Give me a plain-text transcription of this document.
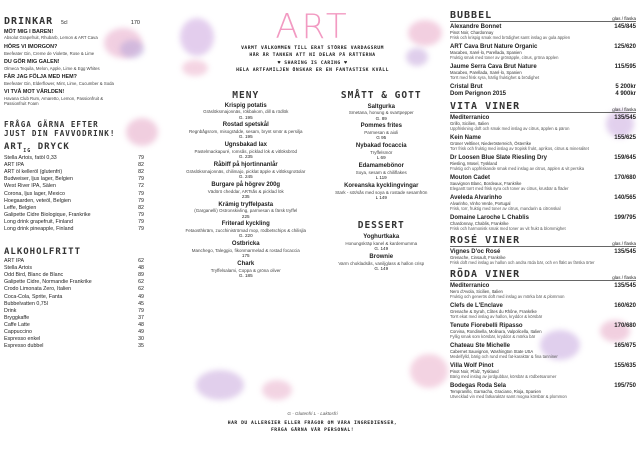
DRINKAR 5cl	170
MÖT MIG I BAREN!
Absolut Grapefruit, Rhubarb, Lemon & ART Cava
HÖRS VI IMORGON?
Beefeater Gin, Creme de Violette, Rose & Lime
DU GÖR MIG GALEN!
Olmeca Tequila, Melon, Apple, Lime & Egg Whites
FÅR JAG FÖLJA MED HEM?
Beefeater Gin, Elderflower, Mint, Lime, Cucumber & Soda
VI TVÅ MOT VÄRLDEN!
Havana Club Rum, Amaretto, Lemon, Passionfruit & Passionfruit Foam
FRÅGA GÄRNA EFTER
JUST DIN FAVVODRINK!
$ART_{IG}$ DRYCK
Stella Artois, fatöl 0,33	79
ART IPA	82
ART öl kelleröl (glutenfri)	82
Budweiser, ljus lager, Belgien	79
West River IPA, Sälen	72
Corona, ljus lager, Mexico	79
Hoegaarden, veteöl, Belgien	79
Leffe, Belgien	82
Galipette Cidre Biologique, Frankrike	79
Long drink grapefruit, Finland	79
Long drink pineapple, Finland	79
ALKOHOLFRITT
ART IPA	62
Stella Artois	48
Odd Bird, Blanc de Blanc	89
Galipette Cidre, Normandie Frankrike	62
Crodo Limonata Zero, Italien	62
Coca-Cola, Sprite, Fanta	49
Bubbelvatten 0,75l	45
Drink	79
Bryggkaffe	37
Caffe Latte	48
Cappuccino	49
Espresso enkel	30
Espresso dubbel	35
ART
VARMT VÄLKOMMEN TILL ERAT STÖRRE VARDAGSRUM
HÄR ÄR TANKEN ATT NI DELAR PÅ RÄTTERNA
♥ SHARING IS CARING ♥
HELA ARTFAMILJEN ÖNSKAR ER EN FANTASTISK KVÄLL
MENY
Krispig potatis
Gräslöksmajonnäs, rökbakom, dill & rödlök
G. 195
Rostad spetskål
Regnbågsrom, misogrädde, sesam, brynt smör & persilja
G. 195
Ugnsbakad lax
Pastelmackapuré, romsås, picklad lök & vitlöksbröd
G. 235
Råbiff på hjortinnanlår
Gräslöksmajonnäs, chilimajo, picklat äpple & vitlöksgrottolar
G. 245
Burgare på högrev 200g
Vädörö cheddar, ARTsås & picklad lök
235
Krämig tryffelpasta
(Garganelli) Ostronskivling, parmesan & färsk tryffel
225
Friterad kyckling
Fetaosthkräm, zucchiniströmad mop, rödbetschips & chilisjla
G. 220
Ostbricka
Manchego, Taleggio, fikonmarmelad & rostad focaccia
175
Chark
Tryffelsalami, Coppa & gröna oliver
G. 185
SMÅTT & GOTT
Saltgurka
Smetana, honung & svartpepper
G. 89
Pommes frites
Parmesan & aioli
G 95
Nybakad focaccia
Tryffelsmör
L 69
Edamamebönor
Soya, sesam & chiliflakes
L 119
Koreanska kycklingvingar
Stark - söt/sås med soya & rostade sesamfrön
L 149
DESSERT
Yoghurtkaka
Honungskräp kanel & kardemumma
G. 149
Brownie
Varm chokladsås, vaniljglass & hallon crisp
G. 149
G - Glutenfri L - Laktosfri
HAR DU ALLERGIER ELLER FRÅGOR OM VÅRA INGREDIENSER,
FRÅGA GÄRNA VÅR PERSONAL!
BUBBEL	glas / flaska
Alexandre Bonnet	145/845
Pinot Noir, Chardonnay
Frisk och krispig smak med brödighet samt inslag av gula äpplen
ART Cava Brut Nature Organic	125/620
Macabeo, Xarel·lo, Parellada, Spanien
Fruktig smak med toner av grönäpple, citrus, gröna äpplen
Jaume Serra Cava Brut Nature	115/595
Macabeo, Parellada, Xarel·lo, Spanien
Torrt med frisk syra, härlig fruktighet & brödighet
Cristal Brut	5 200kr
Dom Perignon 2015	4 900kr
VITA VINER	glas / flaska
Mediterranico	135/545
Grillo, Sicilien, Italien
Uppfriskning doft och smak med inslag av citrus, äpplen & päron
Kein Name	155/625
Grüner Veltliner, Niederösterreich, Österrike
Torr frisk och fruktig med inslag av tropisk frukt, aprikos, citrus & mineralitet
Dr Loosen Blue Slate Riesling Dry	159/645
Riesling, Mosel, Tyskland
Fruktig och uppfriskande smak med inslag av citrus, äpplen & vit persika
Mouton Cadet	170/680
Sauvignon Blanc, Bordeaux, Frankrike
Elegantt torrt med frisk syra och toner av citrus, krusbär & fläder
Aveleda Alvarinho	140/565
Alvarinho, Vinho Verde, Portugal
Frisk, torr, fruktig med toner av citrus, mandarin & citronskal
Domaine Laroche L Chablis	199/795
Chardonnay, Chablis, Frankrike
Frisk och harmonisk smak med toner av vit frukt & blommighet
ROSÉ VINER	glas / flaska
Vignes D'oc Rosé	135/545
Grenache, Cinsault, Frankrike
Frisk doft med inslag av hallon och andra röda bär, och en fläkt av färska örter
RÖDA VINER	glas / flaska
Mediterranico	135/545
Nero d'Avola, Sicilien, Italien
Fruktig och generös doft med inslag av mörka bär & plommon
Clefs de L'Enclave	160/620
Grenache & Syrah, Côtes du Rhône, Frankrike
Torrt ekat med inslag av hallon, kryddor & körsbär
Tenute Fiorebelli Ripasso	170/680
Corvina, Rondinella, Molinara, Valpolicella, Italien
Fyllig smak som körsbär, kryddor & mörka bär
Chateau Ste Michelle	165/675
Cabernet Sauvignon, Washington State USA
Medelfylld, bärig och rund med fat-karaktär & fina tanniner
Villa Wolf Pinot	155/635
Pinot Noir, Pfalz, Tyskland
Bärig med inslag av jordgubbar, körsbär & rödbetsaromer
Bodegas Roda Sela	195/750
Tempranillo, Garnacha, Graciano, Rioja, Spanien
Utvecklad vin med fatkaraktär samt mogna körsbär & plommon
